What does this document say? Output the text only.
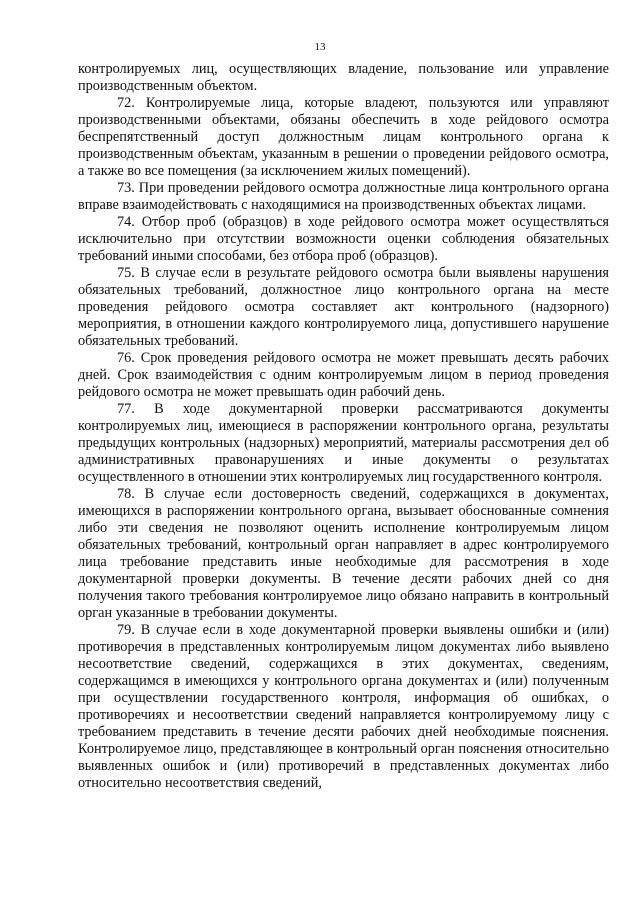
13

контролируемых лиц, осуществляющих владение, пользование или управление производственным объектом.

72. Контролируемые лица, которые владеют, пользуются или управляют производственными объектами, обязаны обеспечить в ходе рейдового осмотра беспрепятственный доступ должностным лицам контрольного органа к производственным объектам, указанным в решении о проведении рейдового осмотра, а также во все помещения (за исключением жилых помещений).

73. При проведении рейдового осмотра должностные лица контрольного органа вправе взаимодействовать с находящимися на производственных объектах лицами.

74. Отбор проб (образцов) в ходе рейдового осмотра может осуществляться исключительно при отсутствии возможности оценки соблюдения обязательных требований иными способами, без отбора проб (образцов).

75. В случае если в результате рейдового осмотра были выявлены нарушения обязательных требований, должностное лицо контрольного органа на месте проведения рейдового осмотра составляет акт контрольного (надзорного) мероприятия, в отношении каждого контролируемого лица, допустившего нарушение обязательных требований.

76. Срок проведения рейдового осмотра не может превышать десять рабочих дней. Срок взаимодействия с одним контролируемым лицом в период проведения рейдового осмотра не может превышать один рабочий день.

77. В ходе документарной проверки рассматриваются документы контролируемых лиц, имеющиеся в распоряжении контрольного органа, результаты предыдущих контрольных (надзорных) мероприятий, материалы рассмотрения дел об административных правонарушениях и иные документы о результатах осуществленного в отношении этих контролируемых лиц государственного контроля.

78. В случае если достоверность сведений, содержащихся в документах, имеющихся в распоряжении контрольного органа, вызывает обоснованные сомнения либо эти сведения не позволяют оценить исполнение контролируемым лицом обязательных требований, контрольный орган направляет в адрес контролируемого лица требование представить иные необходимые для рассмотрения в ходе документарной проверки документы. В течение десяти рабочих дней со дня получения такого требования контролируемое лицо обязано направить в контрольный орган указанные в требовании документы.

79. В случае если в ходе документарной проверки выявлены ошибки и (или) противоречия в представленных контролируемым лицом документах либо выявлено несоответствие сведений, содержащихся в этих документах, сведениям, содержащимся в имеющихся у контрольного органа документах и (или) полученным при осуществлении государственного контроля, информация об ошибках, о противоречиях и несоответствии сведений направляется контролируемому лицу с требованием представить в течение десяти рабочих дней необходимые пояснения. Контролируемое лицо, представляющее в контрольный орган пояснения относительно выявленных ошибок и (или) противоречий в представленных документах либо относительно несоответствия сведений,
